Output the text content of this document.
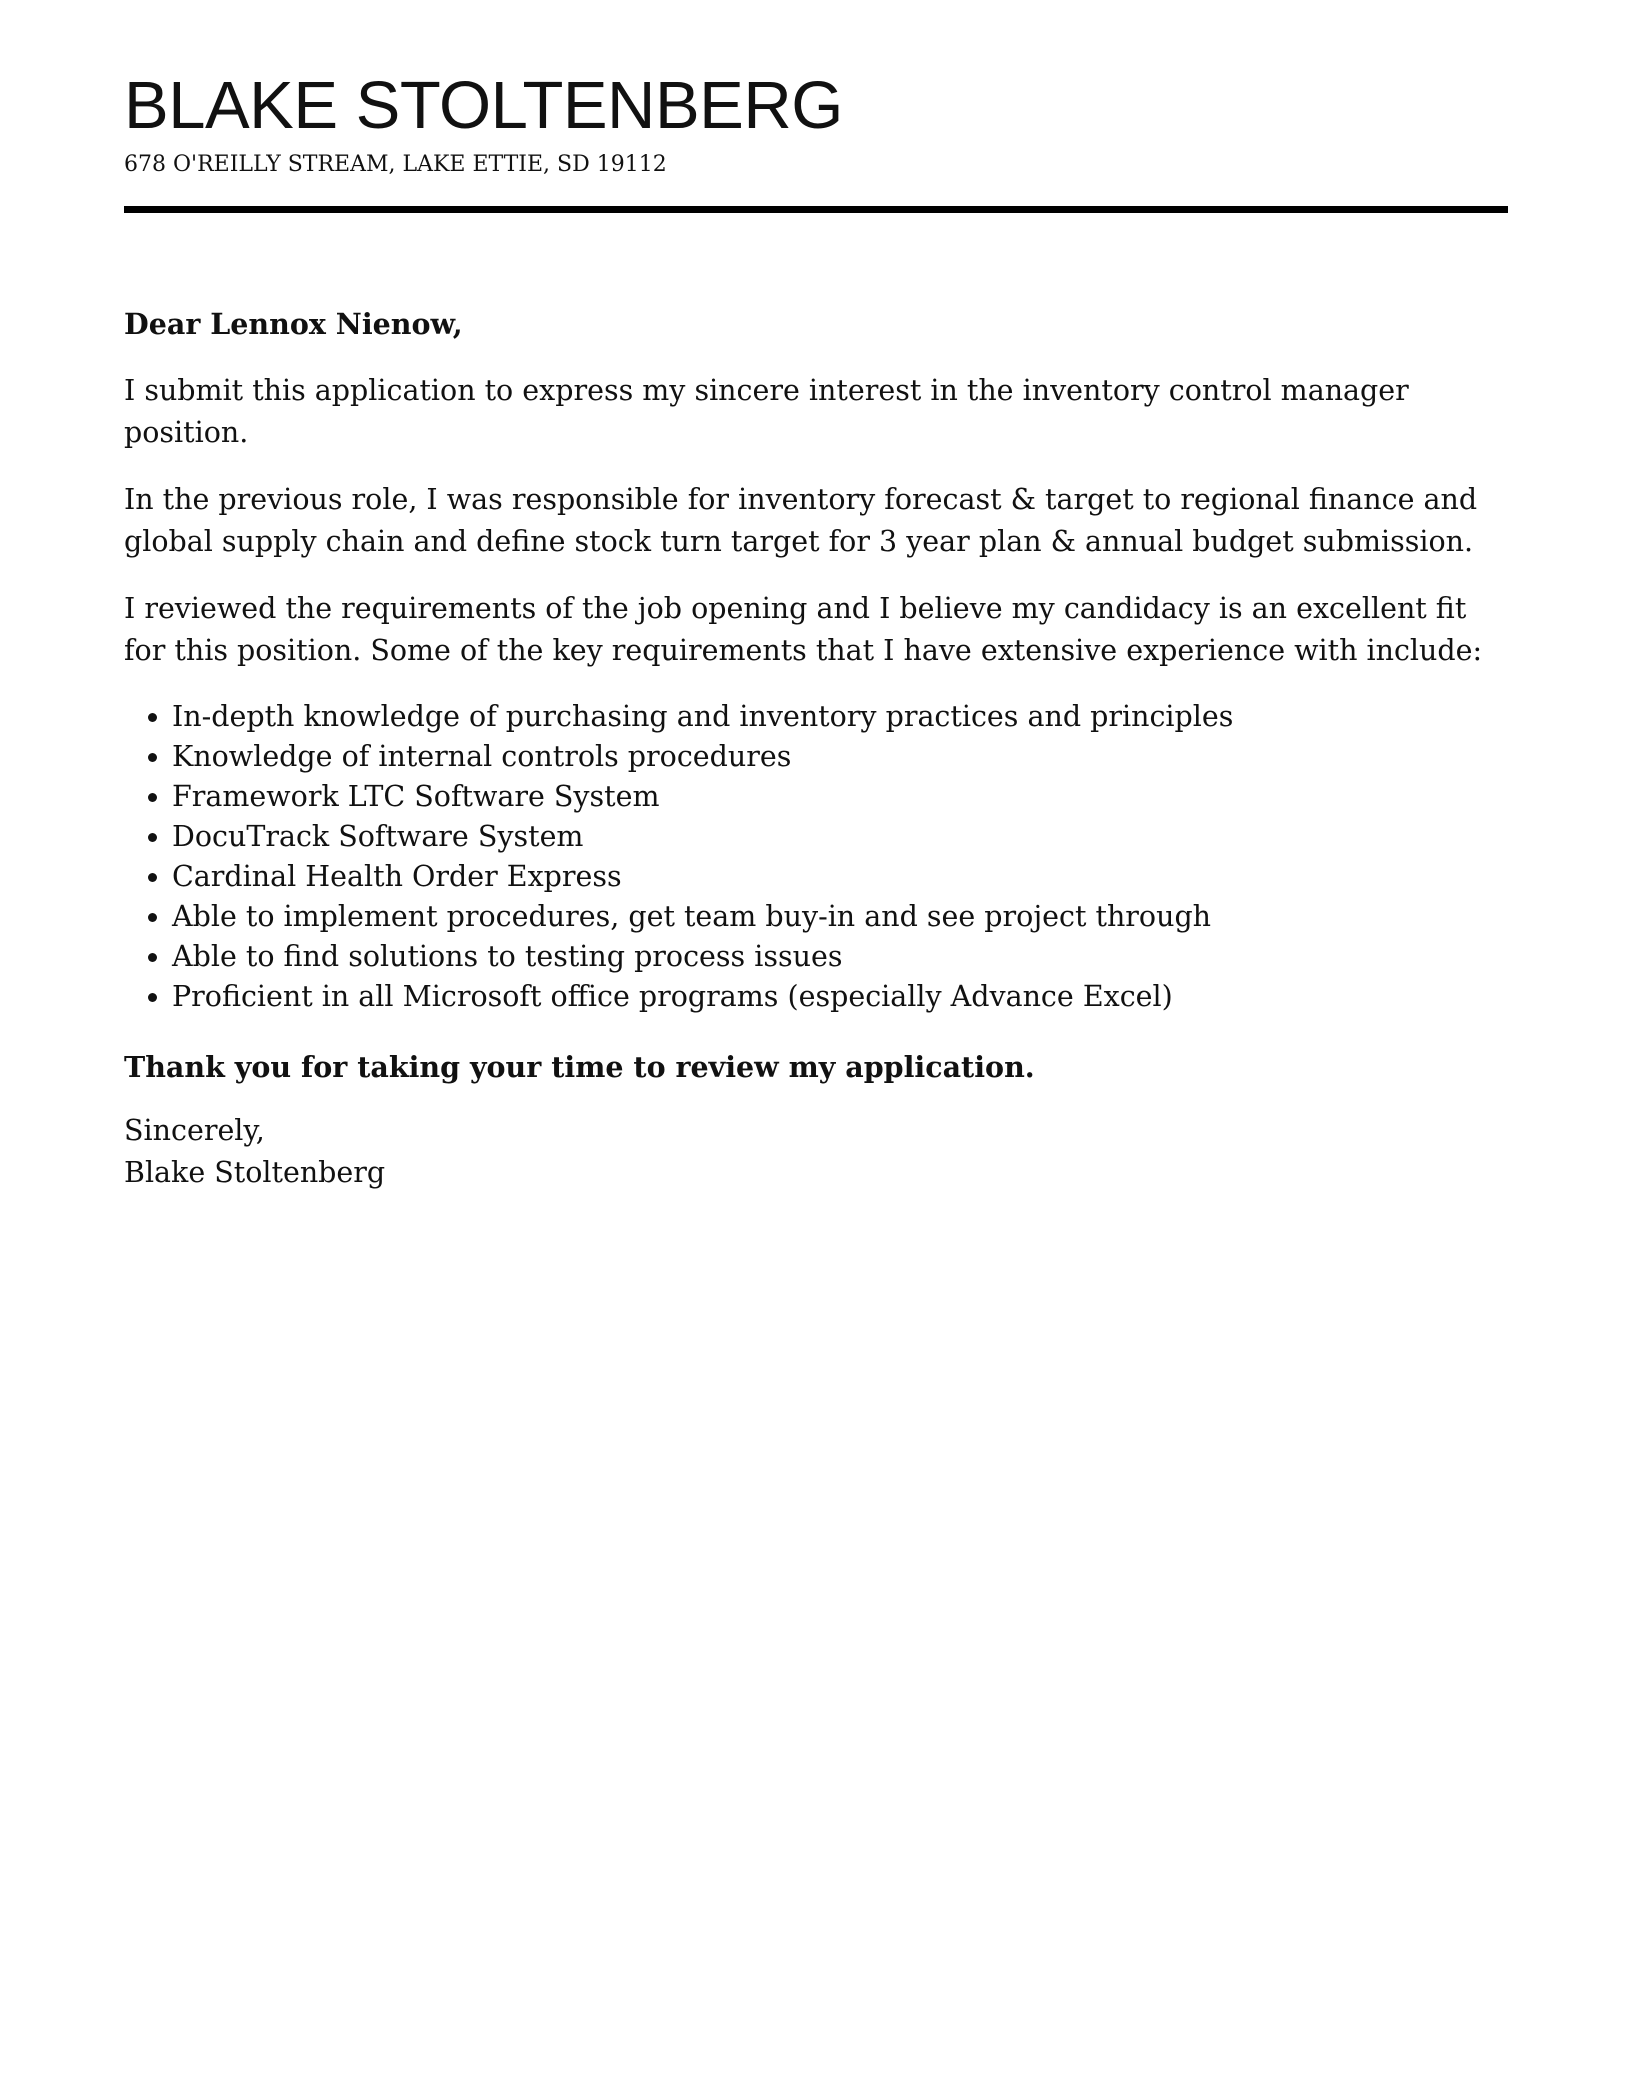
BLAKE STOLTENBERG
678 O'REILLY STREAM, LAKE ETTIE, SD 19112

Dear Lennox Nienow,

I submit this application to express my sincere interest in the inventory control manager position.

In the previous role, I was responsible for inventory forecast & target to regional finance and global supply chain and define stock turn target for 3 year plan & annual budget submission.

I reviewed the requirements of the job opening and I believe my candidacy is an excellent fit for this position. Some of the key requirements that I have extensive experience with include:

• In-depth knowledge of purchasing and inventory practices and principles
• Knowledge of internal controls procedures
• Framework LTC Software System
• DocuTrack Software System
• Cardinal Health Order Express
• Able to implement procedures, get team buy-in and see project through
• Able to find solutions to testing process issues
• Proficient in all Microsoft office programs (especially Advance Excel)

Thank you for taking your time to review my application.

Sincerely,
Blake Stoltenberg
